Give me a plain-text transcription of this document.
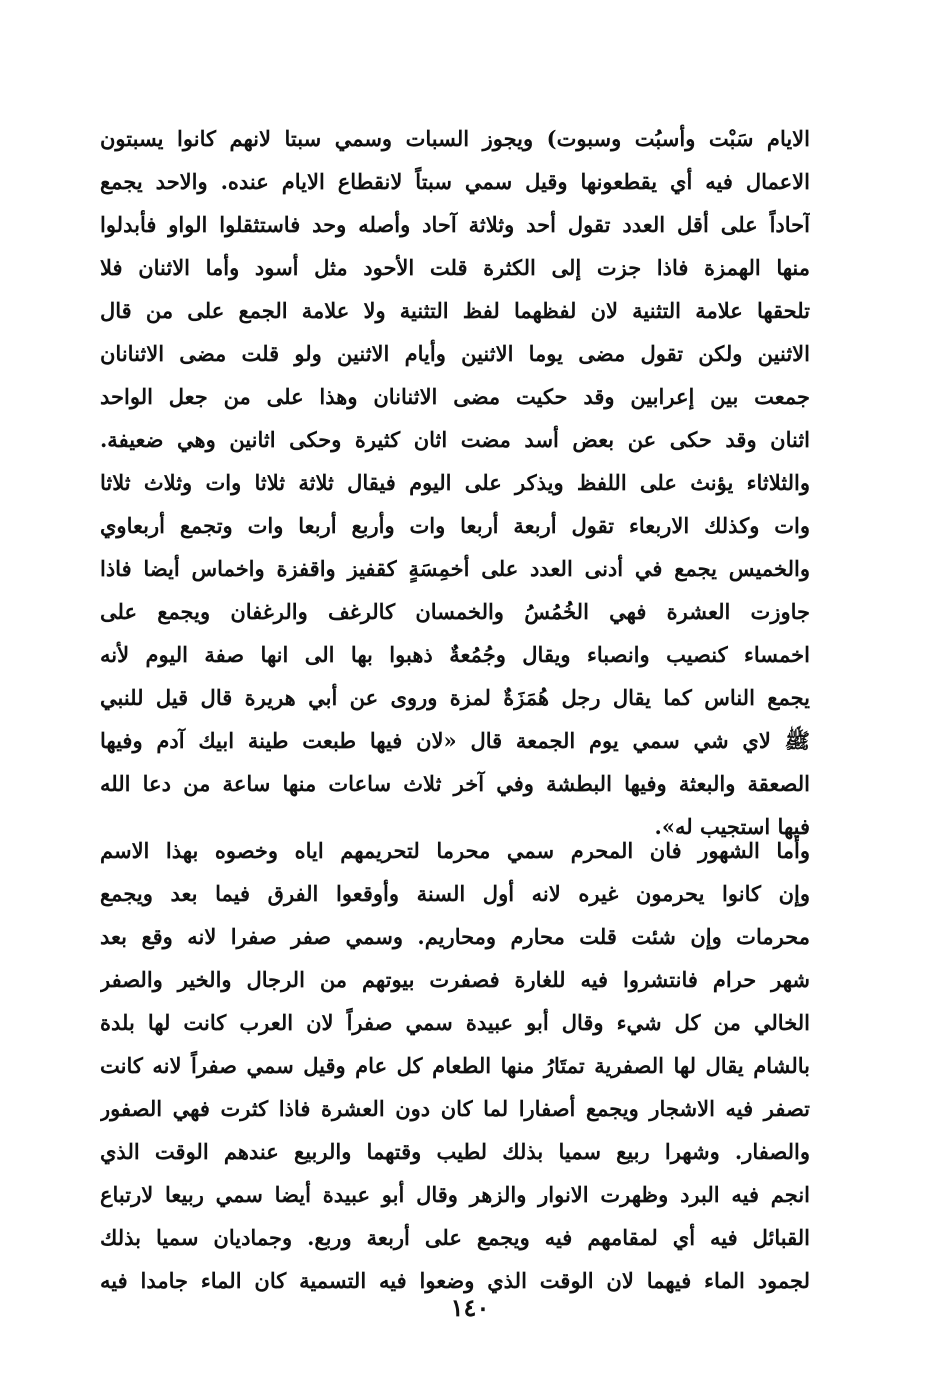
الايام سَبْت وأسبُت وسبوت) ويجوز السبات وسمي سبتا لانهم كانوا يسبتون
الاعمال فيه أي يقطعونها وقيل سمي سبتاً لانقطاع الايام عنده. والاحد يجمع
آحاداً على أقل العدد تقول أحد وثلاثة آحاد وأصله وحد فاستثقلوا الواو فأبدلوا
منها الهمزة فاذا جزت إلى الكثرة قلت الأحود مثل أسود وأما الاثنان فلا
تلحقها علامة التثنية لان لفظهما لفظ التثنية ولا علامة الجمع على من قال
الاثنين ولكن تقول مضى يوما الاثنين وأيام الاثنين ولو قلت مضى الاثنانان
جمعت بين إعرابين وقد حكيت مضى الاثنانان وهذا على من جعل الواحد
اثنان وقد حكى عن بعض أسد مضت اثان كثيرة وحكى اثانين وهي ضعيفة.
والثلاثاء يؤنث على اللفظ ويذكر على اليوم فيقال ثلاثة ثلاثا وات وثلاث ثلاثا
وات وكذلك الاربعاء تقول أربعة أربعا وات وأربع أربعا وات وتجمع أربعاوي
والخميس يجمع في أدنى العدد على أخمِسَةٍ كقفيز واقفزة واخماس أيضا فاذا
جاوزت العشرة فهي الخُمُسُ والخمسان كالرغف والرغفان ويجمع على
اخمساء كنصيب وانصباء ويقال وجُمُعةٌ ذهبوا بها الى انها صفة اليوم لأنه
يجمع الناس كما يقال رجل هُمَزَةٌ لمزة وروى عن أبي هريرة قال قيل للنبي
ﷺ لاي شي سمي يوم الجمعة قال «لان فيها طبعت طينة ابيك آدم وفيها
الصعقة والبعثة وفيها البطشة وفي آخر ثلاث ساعات منها ساعة من دعا الله
فيها استجيب له».
وأما الشهور فان المحرم سمي محرما لتحريمهم اياه وخصوه بهذا الاسم
وإن كانوا يحرمون غيره لانه أول السنة وأوقعوا الفرق فيما بعد ويجمع
محرمات وإن شئت قلت محارم ومحاريم. وسمي صفر صفرا لانه وقع بعد
شهر حرام فانتشروا فيه للغارة فصفرت بيوتهم من الرجال والخير والصفر
الخالي من كل شيء وقال أبو عبيدة سمي صفراً لان العرب كانت لها بلدة
بالشام يقال لها الصفرية تمتَارُ منها الطعام كل عام وقيل سمي صفراً لانه كانت
تصفر فيه الاشجار ويجمع أصفارا لما كان دون العشرة فاذا كثرت فهي الصفور
والصفار. وشهرا ربيع سميا بذلك لطيب وقتهما والربيع عندهم الوقت الذي
انجم فيه البرد وظهرت الانوار والزهر وقال أبو عبيدة أيضا سمي ربيعا لارتباع
القبائل فيه أي لمقامهم فيه ويجمع على أربعة وربع. وجماديان سميا بذلك
لجمود الماء فيهما لان الوقت الذي وضعوا فيه التسمية كان الماء جامدا فيه
١٤٠
